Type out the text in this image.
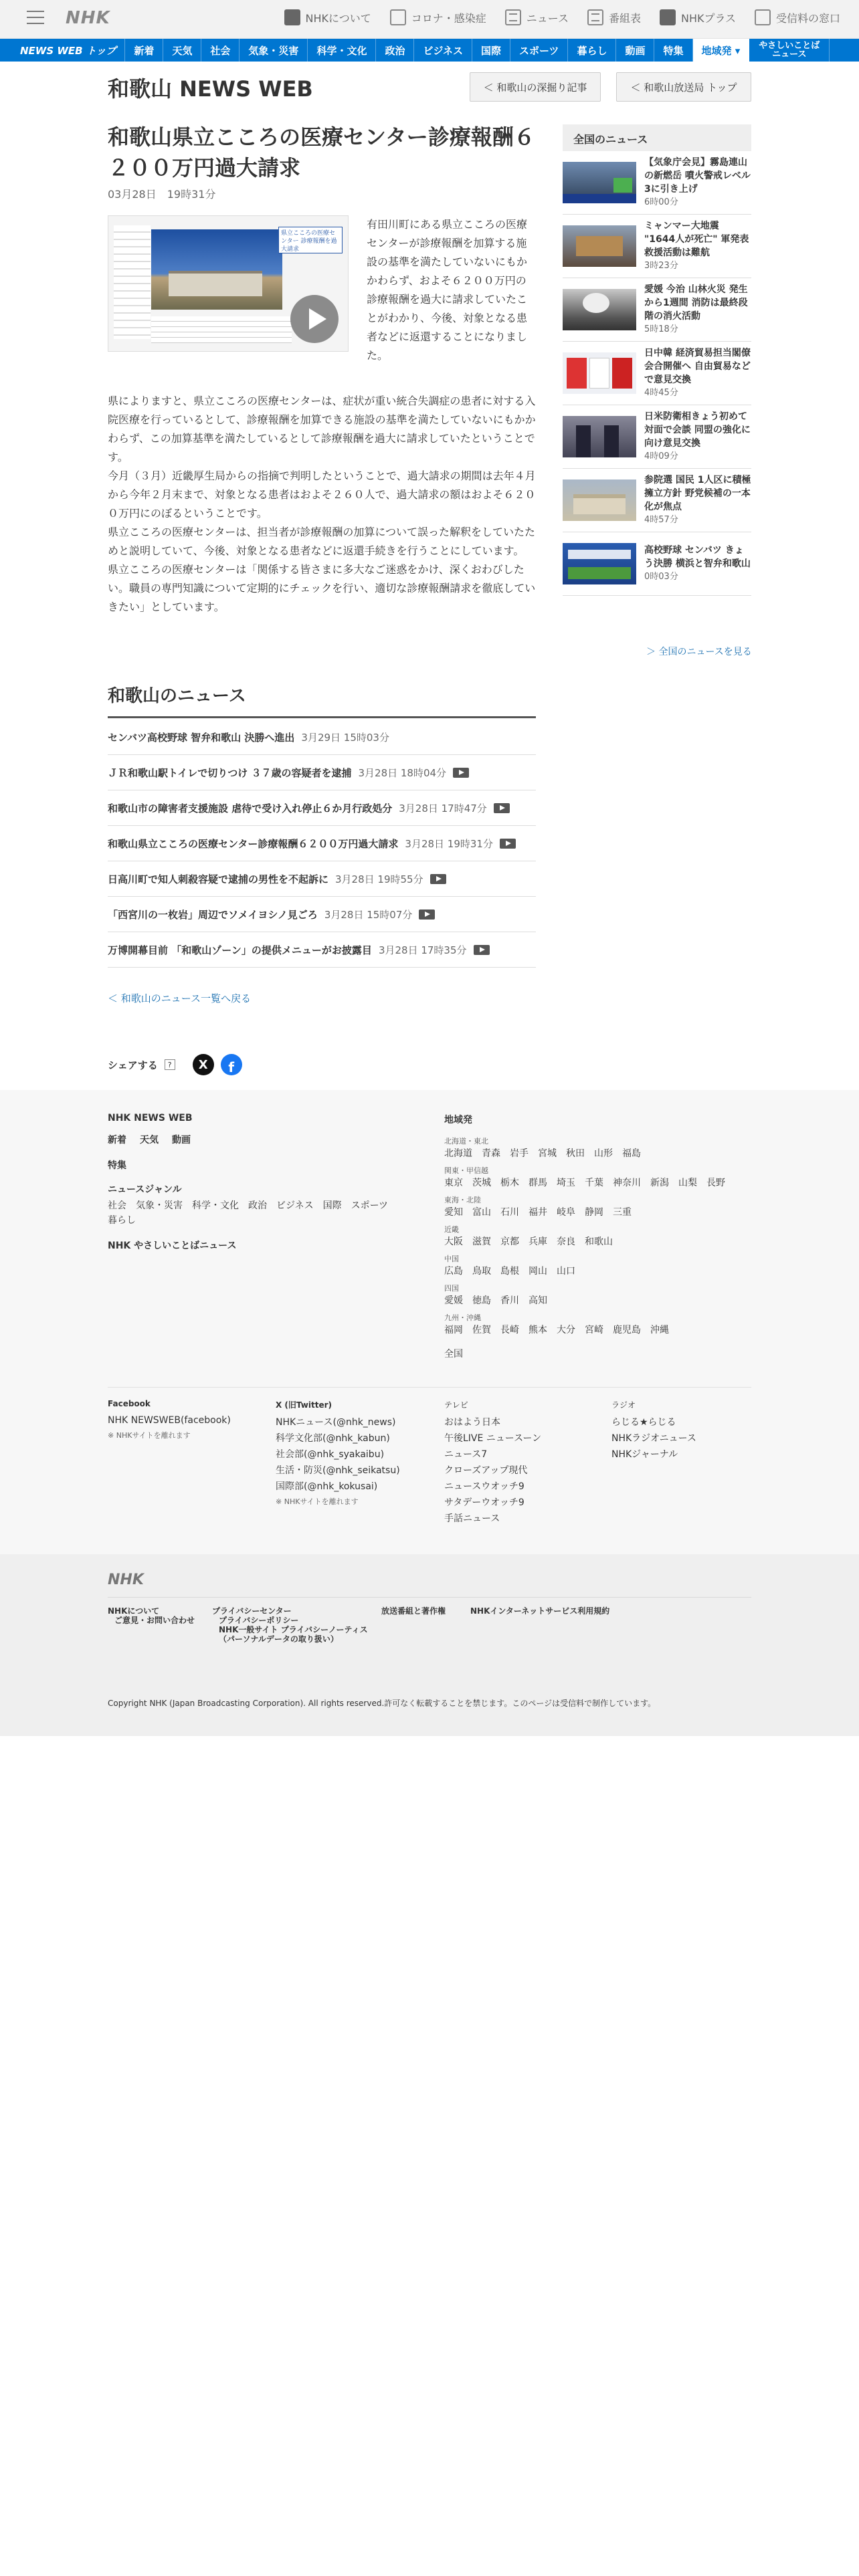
NHK	NHKについて	コロナ・感染症	ニュース	番組表	NHKプラス	受信料の窓口
NEWS WEB トップ	新着	天気	社会	気象・災害	科学・文化	政治	ビジネス	国際	スポーツ	暮らし	動画	特集	地域発 ▾	やさしいことば
ニュース
和歌山 NEWS WEB	＜ 和歌山の深掘り記事	＜ 和歌山放送局 トップ
和歌山県立こころの医療センター診療報酬６２００万円過大請求
03月28日　19時31分
県立こころの医療センター 診療報酬を過大請求
有田川町にある県立こころの医療センターが診療報酬を加算する施設の基準を満たしていないにもかかわらず、およそ６２００万円の診療報酬を過大に請求していたことがわかり、今後、対象となる患者などに返還することになりました。

県によりますと、県立こころの医療センターは、症状が重い統合失調症の患者に対する入院医療を行っているとして、診療報酬を加算できる施設の基準を満たしていないにもかかわらず、この加算基準を満たしているとして診療報酬を過大に請求していたということです。

今月（３月）近畿厚生局からの指摘で判明したということで、過大請求の期間は去年４月から今年２月末まで、対象となる患者はおよそ２６０人で、過大請求の額はおよそ６２００万円にのぼるということです。

県立こころの医療センターは、担当者が診療報酬の加算について誤った解釈をしていたためと説明していて、今後、対象となる患者などに返還手続きを行うことにしています。

県立こころの医療センターは「関係する皆さまに多大なご迷惑をかけ、深くおわびしたい。職員の専門知識について定期的にチェックを行い、適切な診療報酬請求を徹底していきたい」としています。

和歌山のニュース
センバツ高校野球 智弁和歌山 決勝へ進出 3月29日 15時03分
ＪＲ和歌山駅トイレで切りつけ ３７歳の容疑者を逮捕 3月28日 18時04分
和歌山市の障害者支援施設 虐待で受け入れ停止６か月行政処分 3月28日 17時47分
和歌山県立こころの医療センター診療報酬６２００万円過大請求 3月28日 19時31分
日高川町で知人刺殺容疑で逮捕の男性を不起訴に 3月28日 19時55分
「西宮川の一枚岩」周辺でソメイヨシノ見ごろ 3月28日 15時07分
万博開幕目前 「和歌山ゾーン」の提供メニューがお披露目 3月28日 17時35分
＜ 和歌山のニュース一覧へ戻る
シェアする	?	X	f
全国のニュース
【気象庁会見】霧島連山の新燃岳 噴火警戒レベル3に引き上げ
6時00分
ミャンマー大地震 "1644人が死亡" 軍発表 救援活動は難航
3時23分
愛媛 今治 山林火災 発生から1週間 消防は最終段階の消火活動
5時18分
日中韓 経済貿易担当閣僚会合開催へ 自由貿易などで意見交換
4時45分
日米防衛相きょう初めて対面で会談 同盟の強化に向け意見交換
4時09分
参院選 国民 1人区に積極擁立方針 野党候補の一本化が焦点
4時57分
高校野球 センバツ きょう決勝 横浜と智弁和歌山
0時03分
＞ 全国のニュースを見る
NHK NEWS WEB
新着 天気 動画
特集
ニュースジャンル
社会 気象・災害 科学・文化 政治 ビジネス 国際 スポーツ
暮らし
NHK やさしいことばニュース
地域発
北海道・東北
北海道 青森 岩手 宮城 秋田 山形 福島
関東・甲信越
東京 茨城 栃木 群馬 埼玉 千葉 神奈川 新潟 山梨 長野
東海・北陸
愛知 富山 石川 福井 岐阜 静岡 三重
近畿
大阪 滋賀 京都 兵庫 奈良 和歌山
中国
広島 鳥取 島根 岡山 山口
四国
愛媛 徳島 香川 高知
九州・沖縄
福岡 佐賀 長崎 熊本 大分 宮崎 鹿児島 沖縄
全国
Facebook
NHK NEWSWEB(facebook)
※ NHKサイトを離れます
X (旧Twitter)
NHKニュース(@nhk_news)
科学文化部(@nhk_kabun)
社会部(@nhk_syakaibu)
生活・防災(@nhk_seikatsu)
国際部(@nhk_kokusai)
※ NHKサイトを離れます
テレビ
おはよう日本
午後LIVE ニュースーン
ニュース7
クローズアップ現代
ニュースウオッチ9
サタデーウオッチ9
手話ニュース
ラジオ
らじる★らじる
NHKラジオニュース
NHKジャーナル
NHK
NHKについて
ご意見・お問い合わせ
プライバシーセンター
プライバシーポリシー
NHK一般サイト プライバシーノーティス
（パーソナルデータの取り扱い）
放送番組と著作権	NHKインターネットサービス利用規約
Copyright NHK (Japan Broadcasting Corporation). All rights reserved.許可なく転載することを禁じます。このページは受信料で制作しています。
